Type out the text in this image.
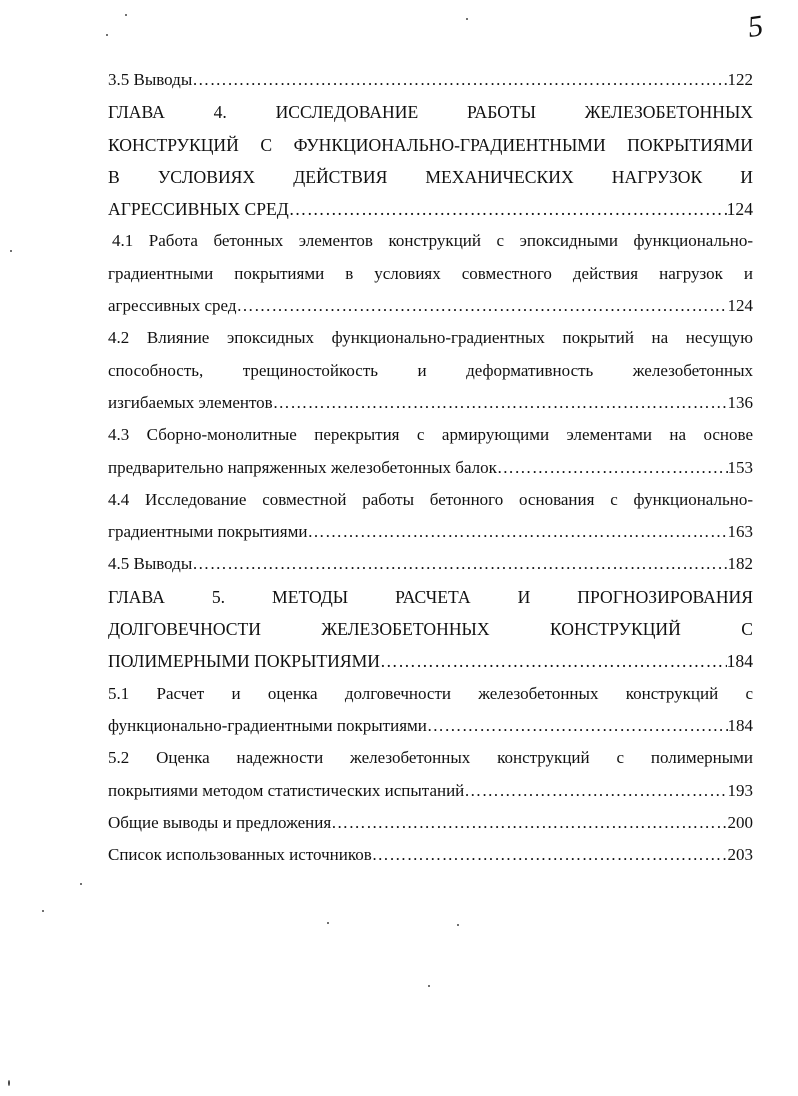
5
3.5 Выводы …………………………………………………………………………………………………………………………………………………………………………………………	122
ГЛАВА 4. ИССЛЕДОВАНИЕ РАБОТЫ ЖЕЛЕЗОБЕТОННЫХ
КОНСТРУКЦИЙ С ФУНКЦИОНАЛЬНО-ГРАДИЕНТНЫМИ ПОКРЫТИЯМИ
В УСЛОВИЯХ ДЕЙСТВИЯ МЕХАНИЧЕСКИХ НАГРУЗОК И
АГРЕССИВНЫХ СРЕД …………………………………………………………………………………………………………………………………………………………………………………………	124
4.1 Работа бетонных элементов конструкций с эпоксидными функционально-
градиентными покрытиями в условиях совместного действия нагрузок и
агрессивных сред …………………………………………………………………………………………………………………………………………………………………………………………	124
4.2 Влияние эпоксидных функционально-градиентных покрытий на несущую
способность, трещиностойкость и деформативность железобетонных
изгибаемых элементов …………………………………………………………………………………………………………………………………………………………………………………………	136
4.3 Сборно-монолитные перекрытия с армирующими элементами на основе
предварительно напряженных железобетонных балок …………………………………………………………………………………………………………………………………………………………………………………………	153
4.4 Исследование совместной работы бетонного основания с функционально-
градиентными покрытиями …………………………………………………………………………………………………………………………………………………………………………………………	163
4.5 Выводы …………………………………………………………………………………………………………………………………………………………………………………………	182
ГЛАВА 5. МЕТОДЫ РАСЧЕТА И ПРОГНОЗИРОВАНИЯ
ДОЛГОВЕЧНОСТИ ЖЕЛЕЗОБЕТОННЫХ КОНСТРУКЦИЙ С
ПОЛИМЕРНЫМИ ПОКРЫТИЯМИ …………………………………………………………………………………………………………………………………………………………………………………………	184
5.1 Расчет и оценка долговечности железобетонных конструкций с
функционально-градиентными покрытиями …………………………………………………………………………………………………………………………………………………………………………………………	184
5.2 Оценка надежности железобетонных конструкций с полимерными
покрытиями методом статистических испытаний …………………………………………………………………………………………………………………………………………………………………………………………	193
Общие выводы и предложения …………………………………………………………………………………………………………………………………………………………………………………………	200
Список использованных источников …………………………………………………………………………………………………………………………………………………………………………………………	203
